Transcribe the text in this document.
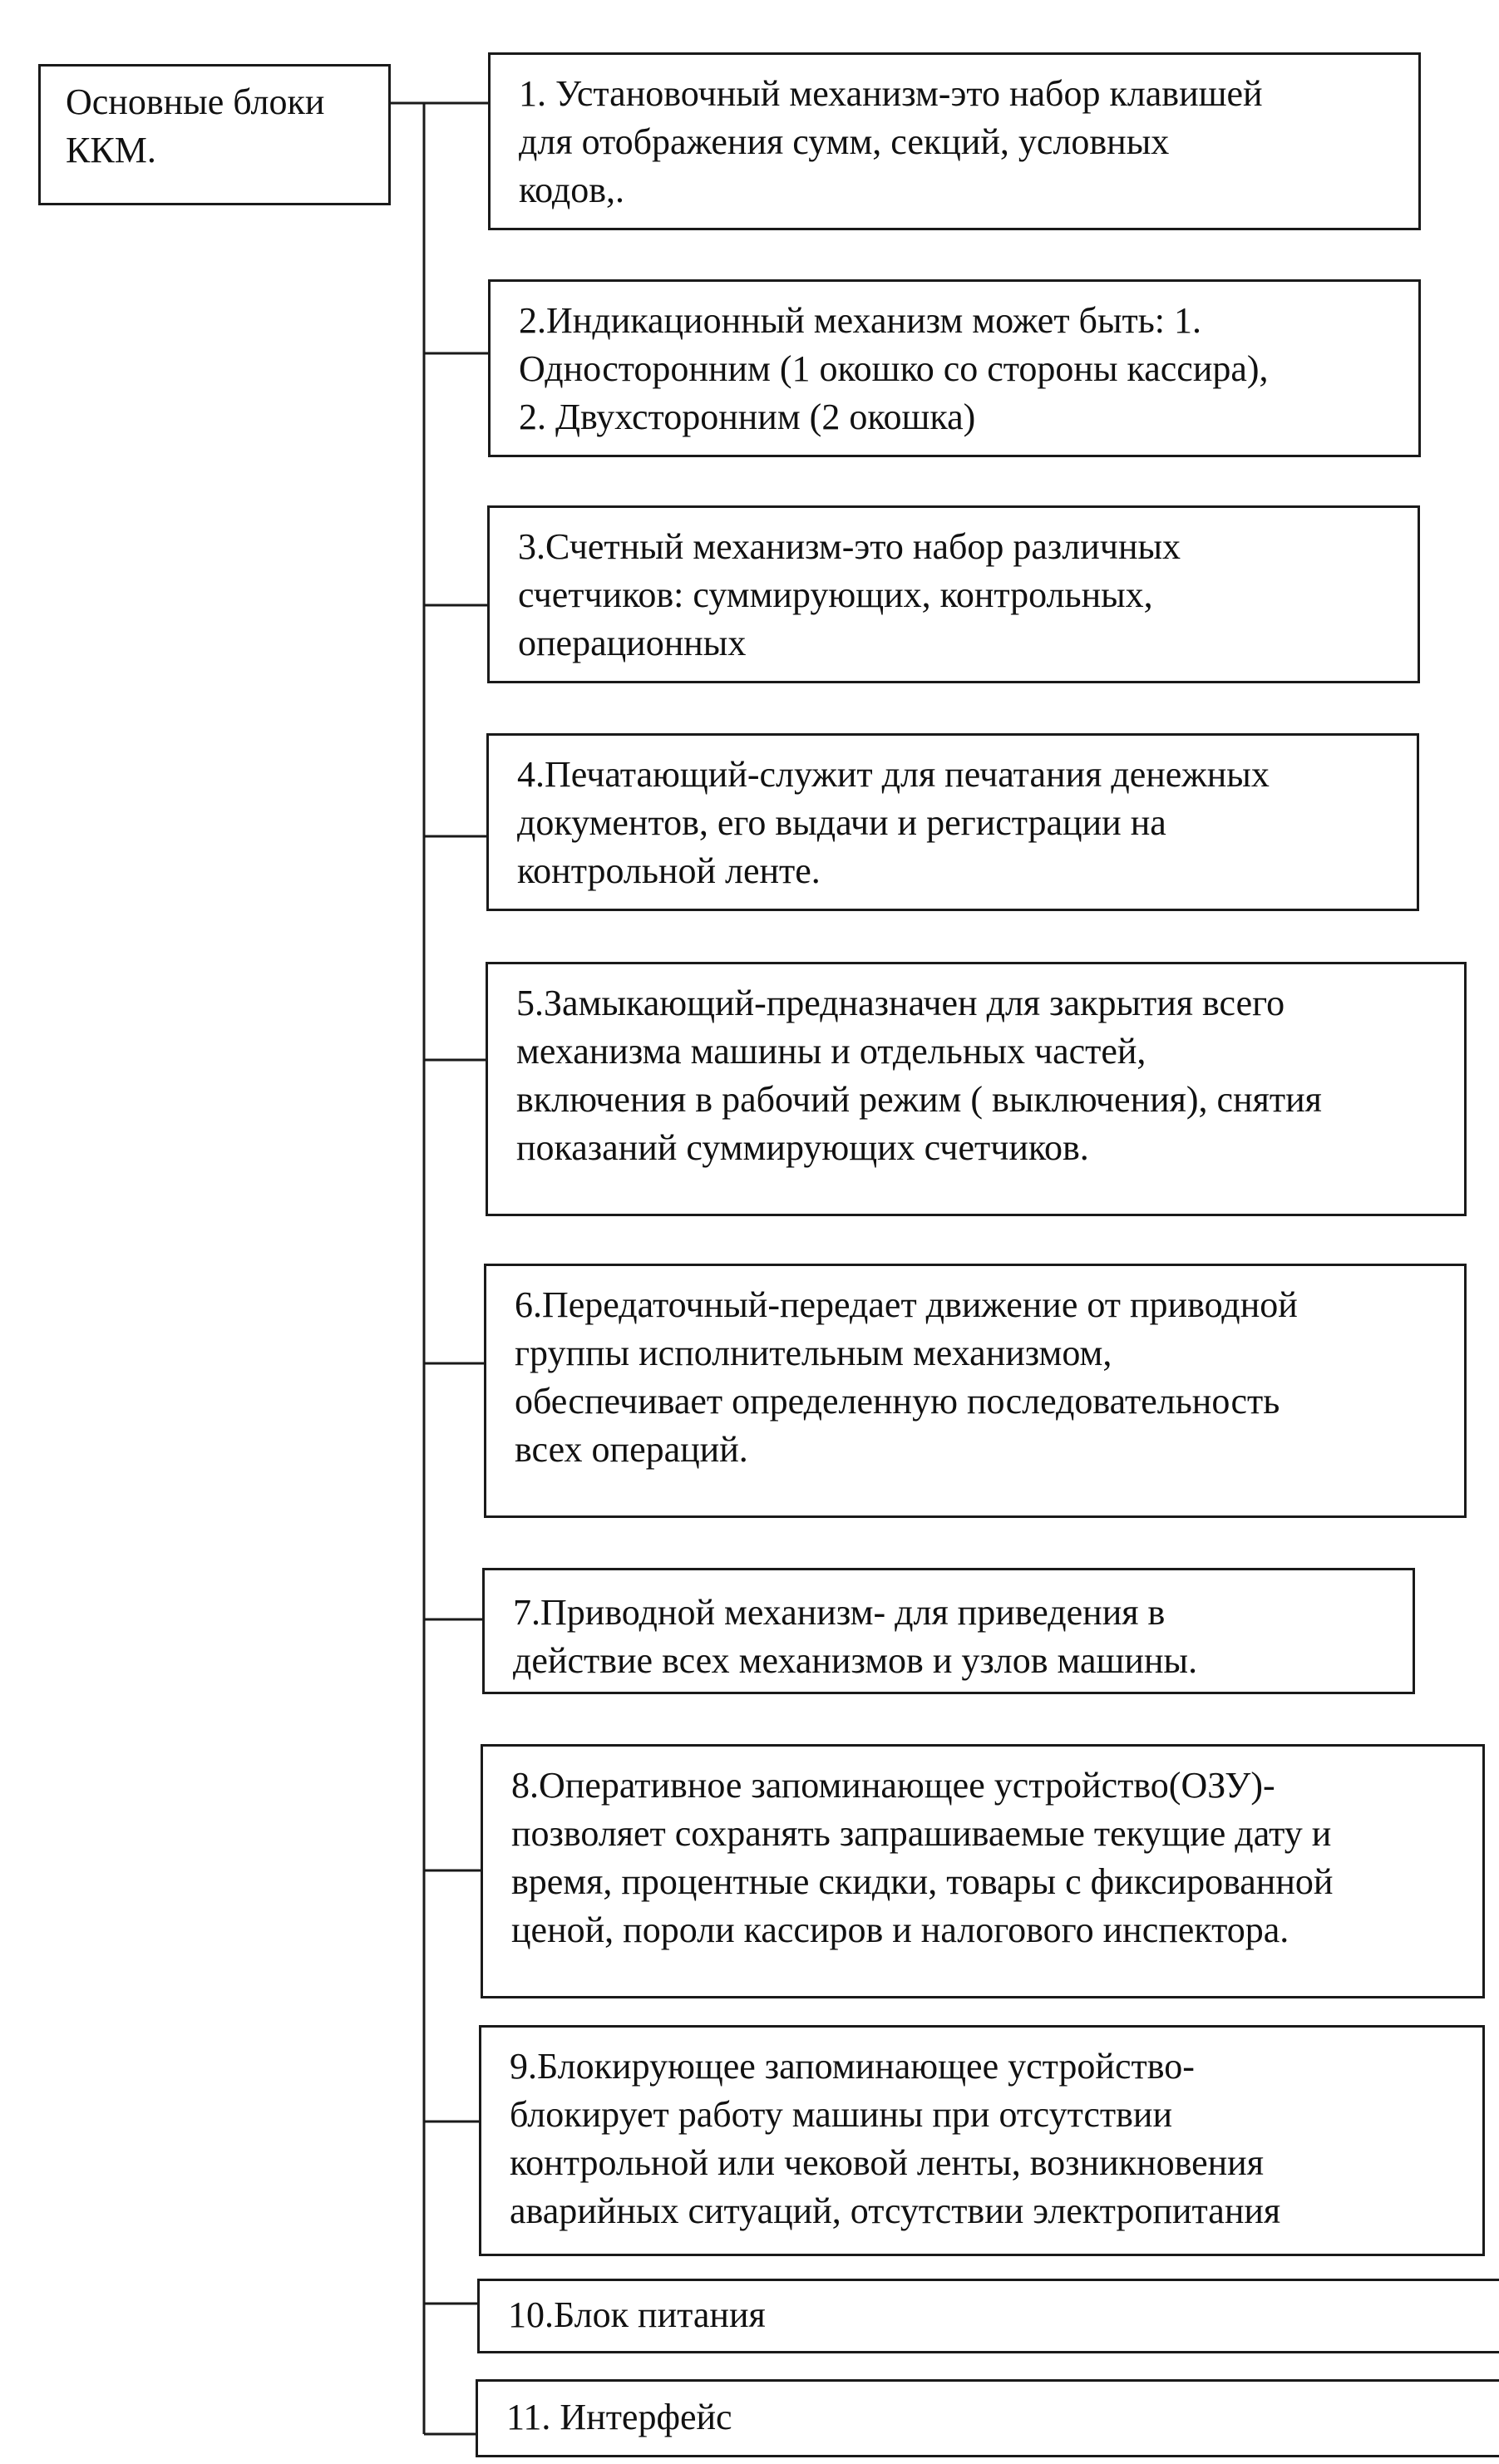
Основные блоки
ККМ.
1. Установочный механизм-это набор клавишей
для отображения сумм, секций, условных
кодов,.
2.Индикационный механизм может быть: 1.
Односторонним (1 окошко со стороны кассира),
2. Двухсторонним (2 окошка)
3.Счетный механизм-это набор различных
счетчиков: суммирующих, контрольных,
операционных
4.Печатающий-служит для печатания денежных
документов, его выдачи и регистрации на
контрольной ленте.
5.Замыкающий-предназначен для закрытия всего
механизма машины и отдельных частей,
включения в рабочий режим ( выключения), снятия
показаний суммирующих счетчиков.
6.Передаточный-передает движение от приводной
группы исполнительным механизмом,
обеспечивает определенную последовательность
всех операций.
7.Приводной механизм- для приведения в
действие всех механизмов и узлов машины.
8.Оперативное запоминающее устройство(ОЗУ)-
позволяет сохранять запрашиваемые текущие дату и
время, процентные скидки, товары с фиксированной
ценой, пороли кассиров и налогового инспектора.
9.Блокирующее запоминающее устройство-
блокирует работу машины при отсутствии
контрольной или чековой ленты, возникновения
аварийных ситуаций, отсутствии электропитания
10.Блок питания
11. Интерфейс
